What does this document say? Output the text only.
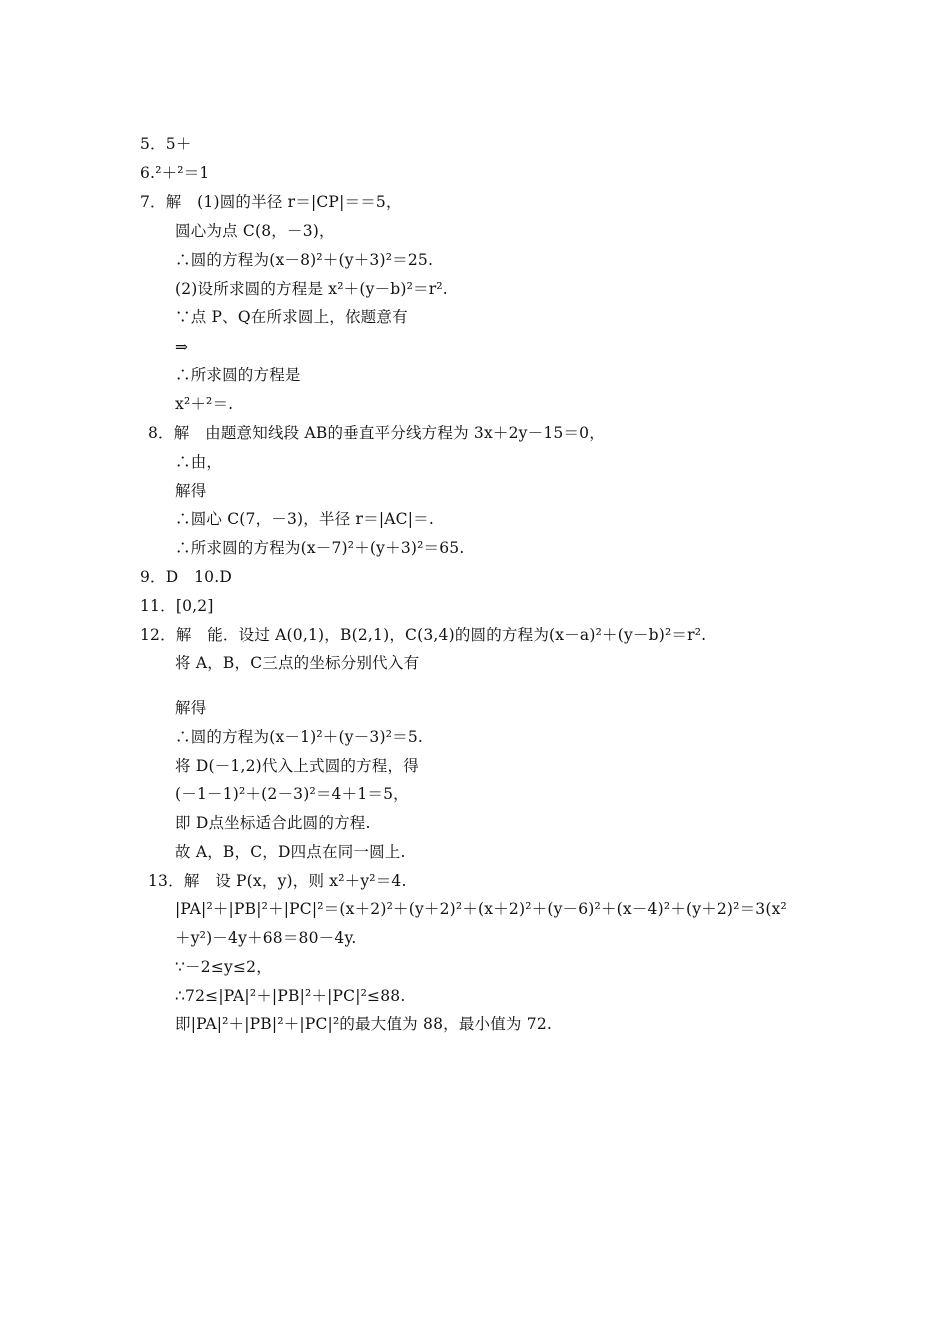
5．5＋
6.²＋²＝1
7．解　(1)圆的半径 r＝|CP|＝＝5，
圆心为点 C(8，－3)，
∴圆的方程为(x－8)²＋(y＋3)²＝25.
(2)设所求圆的方程是 x²＋(y－b)²＝r².
∵点 P、Q在所求圆上，依题意有
⇒
∴所求圆的方程是
x²＋²＝.
8．解　由题意知线段 AB的垂直平分线方程为 3x＋2y－15＝0，
∴由，
解得
∴圆心 C(7，－3)，半径 r＝|AC|＝.
∴所求圆的方程为(x－7)²＋(y＋3)²＝65.
9．D　10.D
11．[0,2]
12．解　能．设过 A(0,1)，B(2,1)，C(3,4)的圆的方程为(x－a)²＋(y－b)²＝r².
将 A，B，C三点的坐标分别代入有
解得
∴圆的方程为(x－1)²＋(y－3)²＝5.
将 D(－1,2)代入上式圆的方程，得
(－1－1)²＋(2－3)²＝4＋1＝5，
即 D点坐标适合此圆的方程.
故 A，B，C，D四点在同一圆上.
13．解　设 P(x，y)，则 x²＋y²＝4.
|PA|²＋|PB|²＋|PC|²＝(x＋2)²＋(y＋2)²＋(x＋2)²＋(y－6)²＋(x－4)²＋(y＋2)²＝3(x²
＋y²)－4y＋68＝80－4y.
∵－2≤y≤2，
∴72≤|PA|²＋|PB|²＋|PC|²≤88.
即|PA|²＋|PB|²＋|PC|²的最大值为 88，最小值为 72.
